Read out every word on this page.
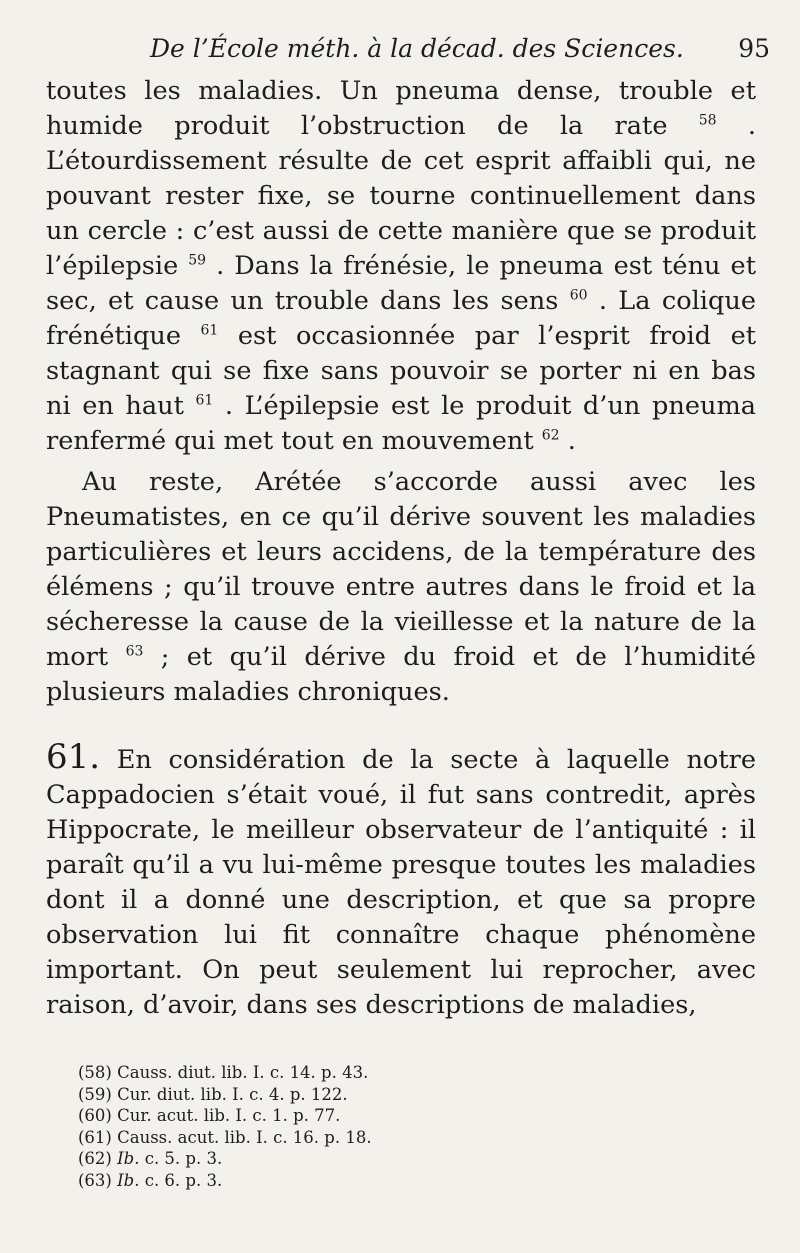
De l’École méth. à la décad. des Sciences. 95

toutes les maladies. Un pneuma dense, trouble et humide produit l’obstruction de la rate $^{58}$ . L’étourdissement résulte de cet esprit affaibli qui, ne pouvant rester fixe, se tourne continuellement dans un cercle : c’est aussi de cette manière que se produit l’épilepsie $^{59}$ . Dans la frénésie, le pneuma est ténu et sec, et cause un trouble dans les sens $^{60}$ . La colique frénétique $^{61}$ est occasionnée par l’esprit froid et stagnant qui se fixe sans pouvoir se porter ni en bas ni en haut $^{61}$ . L’épilepsie est le produit d’un pneuma renfermé qui met tout en mouvement $^{62}$ .

Au reste, Arétée s’accorde aussi avec les Pneumatistes, en ce qu’il dérive souvent les maladies particulières et leurs accidens, de la température des élémens ; qu’il trouve entre autres dans le froid et la sécheresse la cause de la vieillesse et la nature de la mort $^{63}$ ; et qu’il dérive du froid et de l’humidité plusieurs maladies chroniques.

61. En considération de la secte à laquelle notre Cappadocien s’était voué, il fut sans contredit, après Hippocrate, le meilleur observateur de l’antiquité : il paraît qu’il a vu lui-même presque toutes les maladies dont il a donné une description, et que sa propre observation lui fit connaître chaque phénomène important. On peut seulement lui reprocher, avec raison, d’avoir, dans ses descriptions de maladies,

(58) Causs. diut. lib. I. c. 14. p. 43.
(59) Cur. diut. lib. I. c. 4. p. 122.
(60) Cur. acut. lib. I. c. 1. p. 77.
(61) Causs. acut. lib. I. c. 16. p. 18.
(62) Ib. c. 5. p. 3.
(63) Ib. c. 6. p. 3.
